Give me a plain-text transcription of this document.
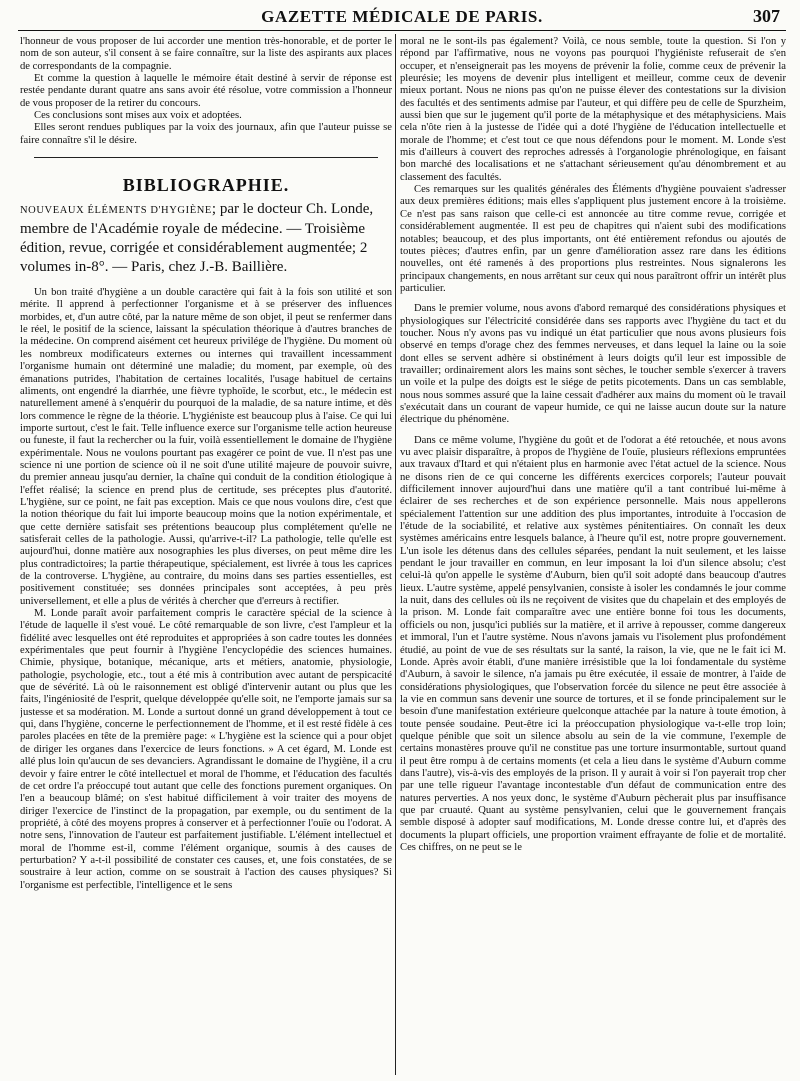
GAZETTE MÉDICALE DE PARIS.	307

l'honneur de vous proposer de lui accorder une mention très-honorable, et de porter le nom de son auteur, s'il consent à se faire connaître, sur la liste des aspirants aux places de correspondants de la compagnie.

Et comme la question à laquelle le mémoire était destiné à servir de réponse est restée pendante durant quatre ans sans avoir été résolue, votre commission a l'honneur de vous proposer de la retirer du concours.

Ces conclusions sont mises aux voix et adoptées.

Elles seront rendues publiques par la voix des journaux, afin que l'auteur puisse se faire connaître s'il le désire.

BIBLIOGRAPHIE.
NOUVEAUX ÉLÉMENTS D'HYGIÈNE; par le docteur Ch. Londe, membre de l'Académie royale de médecine. — Troisième édition, revue, corrigée et considérablement augmentée; 2 volumes in-8°. — Paris, chez J.-B. Baillière.

Un bon traité d'hygiène a un double caractère qui fait à la fois son utilité et son mérite. Il apprend à perfectionner l'organisme et à se préserver des influences morbides, et, d'un autre côté, par la nature même de son objet, il peut se renfermer dans le réel, le positif de la science, laissant la spéculation théorique à d'autres branches de la médecine. On comprend aisément cet heureux privilége de l'hygiène. Du moment où les nombreux modificateurs externes ou internes qui travaillent incessamment l'organisme humain ont déterminé une maladie; du moment, par exemple, où des émanations putrides, l'habitation de certaines localités, l'usage habituel de certains aliments, ont engendré la diarrhée, une fièvre typhoïde, le scorbut, etc., le médecin est naturellement amené à s'enquérir du pourquoi de la maladie, de sa nature intime, et dès lors commence le règne de la théorie. L'hygiéniste est beaucoup plus à l'aise. Ce qui lui importe surtout, c'est le fait. Telle influence exerce sur l'organisme telle action heureuse ou funeste, il faut la rechercher ou la fuir, voilà essentiellement le domaine de l'hygiène expérimentale. Nous ne voulons pourtant pas exagérer ce point de vue. Il n'est pas une science ni une portion de science où il ne soit d'une utilité majeure de pouvoir suivre, du premier anneau jusqu'au dernier, la chaîne qui conduit de la condition étiologique à l'effet réalisé; la science en prend plus de certitude, ses préceptes plus d'autorité. L'hygiène, sur ce point, ne fait pas exception. Mais ce que nous voulons dire, c'est que la notion théorique du fait lui importe beaucoup moins que la notion expérimentale, et que cette dernière satisfait ses prétentions beaucoup plus complétement qu'elle ne satisferait celles de la pathologie. Aussi, qu'arrive-t-il? La pathologie, telle qu'elle est aujourd'hui, donne matière aux nosographies les plus diverses, on peut même dire les plus contradictoires; la partie thérapeutique, spécialement, est livrée à tous les caprices de la controverse. L'hygiène, au contraire, du moins dans ses parties essentielles, est positivement constituée; ses données principales sont acceptées, à peu près universellement, et elle a plus de vérités à chercher que d'erreurs à rectifier.

M. Londe paraît avoir parfaitement compris le caractère spécial de la science à l'étude de laquelle il s'est voué. Le côté remarquable de son livre, c'est l'ampleur et la fidélité avec lesquelles ont été reproduites et appropriées à son cadre toutes les données expérimentales que peut fournir à l'hygiène l'encyclopédie des sciences humaines. Chimie, physique, botanique, mécanique, arts et métiers, anatomie, physiologie, pathologie, psychologie, etc., tout a été mis à contribution avec autant de perspicacité que de sévérité. Là où le raisonnement est obligé d'intervenir autant ou plus que les faits, l'ingéniosité de l'esprit, quelque développée qu'elle soit, ne l'emporte jamais sur sa justesse et sa modération. M. Londe a surtout donné un grand développement à tout ce qui, dans l'hygiène, concerne le perfectionnement de l'homme, et il est resté fidèle à ces paroles placées en tête de la première page: « L'hygiène est la science qui a pour objet de diriger les organes dans l'exercice de leurs fonctions. » A cet égard, M. Londe est allé plus loin qu'aucun de ses devanciers. Agrandissant le domaine de l'hygiène, il a cru devoir y faire entrer le côté intellectuel et moral de l'homme, et l'éducation des facultés de cet ordre l'a préoccupé tout autant que celle des fonctions purement organiques. On l'en a beaucoup blâmé; on s'est habitué difficilement à voir traiter des moyens de diriger l'exercice de l'instinct de la propagation, par exemple, ou du sentiment de la propriété, à côté des moyens propres à conserver et à perfectionner l'ouïe ou l'odorat. A notre sens, l'innovation de l'auteur est parfaitement justifiable. L'élément intellectuel et moral de l'homme est-il, comme l'élément organique, soumis à des causes de perturbation? Y a-t-il possibilité de constater ces causes, et, une fois constatées, de se soustraire à leur action, comme on se soustrait à l'action des causes physiques? Si l'organisme est perfectible, l'intelligence et le sens

moral ne le sont-ils pas également? Voilà, ce nous semble, toute la question. Si l'on y répond par l'affirmative, nous ne voyons pas pourquoi l'hygiéniste refuserait de s'en occuper, et n'enseignerait pas les moyens de prévenir la folie, comme ceux de prévenir la pleurésie; les moyens de devenir plus intelligent et meilleur, comme ceux de devenir mieux portant. Nous ne nions pas qu'on ne puisse élever des contestations sur la division des facultés et des sentiments admise par l'auteur, et qui diffère peu de celle de Spurzheim, aussi bien que sur le jugement qu'il porte de la métaphysique et des métaphysiciens. Mais cela n'ôte rien à la justesse de l'idée qui a doté l'hygiène de l'éducation intellectuelle et morale de l'homme; et c'est tout ce que nous défendons pour le moment. M. Londe s'est mis d'ailleurs à couvert des reproches adressés à l'organologie phrénologique, en faisant bon marché des localisations et ne s'attachant sérieusement qu'au dénombrement et au classement des facultés.

Ces remarques sur les qualités générales des Éléments d'hygiène pouvaient s'adresser aux deux premières éditions; mais elles s'appliquent plus justement encore à la troisième. Ce n'est pas sans raison que celle-ci est annoncée au titre comme revue, corrigée et considérablement augmentée. Il est peu de chapitres qui n'aient subi des modifications notables; beaucoup, et des plus importants, ont été entièrement refondus ou ajoutés de toutes pièces; d'autres enfin, par un genre d'amélioration assez rare dans les éditions nouvelles, ont été ramenés à des proportions plus restreintes. Nous signalerons les principaux changements, en nous arrêtant sur ceux qui nous paraîtront offrir un intérêt plus particulier.

Dans le premier volume, nous avons d'abord remarqué des considérations physiques et physiologiques sur l'électricité considérée dans ses rapports avec l'hygiène du tact et du toucher. Nous n'y avons pas vu indiqué un état particulier que nous avons plusieurs fois observé en temps d'orage chez des femmes nerveuses, et dans lequel la laine ou la soie dont elles se servent adhère si obstinément à leurs doigts qu'il leur est impossible de travailler; ordinairement alors les mains sont sèches, le toucher semble s'exercer à travers un voile et la pulpe des doigts est le siége de petits picotements. Dans un cas semblable, nous nous sommes assuré que la laine cessait d'adhérer aux mains du moment où le travail s'exécutait dans un courant de vapeur humide, ce qui ne laisse aucun doute sur la nature électrique du phénomène.

Dans ce même volume, l'hygiène du goût et de l'odorat a été retouchée, et nous avons vu avec plaisir disparaître, à propos de l'hygiène de l'ouïe, plusieurs réflexions empruntées aux travaux d'Itard et qui n'étaient plus en harmonie avec l'état actuel de la science. Nous ne disons rien de ce qui concerne les différents exercices corporels; l'auteur pouvait difficilement innover aujourd'hui dans une matière qu'il a tant contribué lui-même à éclairer de ses recherches et de son expérience personnelle. Mais nous appellerons spécialement l'attention sur une addition des plus importantes, introduite à l'occasion de l'étude de la sociabilité, et relative aux systèmes pénitentiaires. On connaît les deux systèmes américains entre lesquels balance, à l'heure qu'il est, notre propre gouvernement. L'un isole les détenus dans des cellules séparées, pendant la nuit seulement, et les laisse pendant le jour travailler en commun, en leur imposant la loi d'un silence absolu; c'est celui-là qu'on appelle le système d'Auburn, bien qu'il soit adopté dans beaucoup d'autres lieux. L'autre système, appelé pensylvanien, consiste à isoler les condamnés le jour comme la nuit, dans des cellules où ils ne reçoivent de visites que du chapelain et des employés de la prison. M. Londe fait comparaître avec une entière bonne foi tous les documents, officiels ou non, jusqu'ici publiés sur la matière, et il arrive à repousser, comme dangereux et immoral, l'un et l'autre système. Nous n'avons jamais vu l'isolement plus profondément étudié, au point de vue de ses résultats sur la santé, la raison, la vie, que ne le fait ici M. Londe. Après avoir établi, d'une manière irrésistible que la loi fondamentale du système d'Auburn, à savoir le silence, n'a jamais pu être exécutée, il essaie de montrer, à l'aide de considérations physiologiques, que l'observation forcée du silence ne peut être associée à la vie en commun sans devenir une source de tortures, et il se fonde principalement sur le besoin d'une manifestation extérieure quelconque attachée par la nature à toute émotion, à toute pensée soudaine. Peut-être ici la préoccupation physiologique va-t-elle trop loin; quelque pénible que soit un silence absolu au sein de la vie commune, l'exemple de certains monastères prouve qu'il ne constitue pas une torture insurmontable, surtout quand il peut être rompu à de certains moments (et cela a lieu dans le système d'Auburn comme dans l'autre), vis-à-vis des employés de la prison. Il y aurait à voir si l'on payerait trop cher par une telle rigueur l'avantage incontestable d'un défaut de communication entre des natures perverties. A nos yeux donc, le système d'Auburn pècherait plus par insuffisance que par cruauté. Quant au système pensylvanien, celui que le gouvernement français semble disposé à adopter sauf modifications, M. Londe dresse contre lui, et d'après des documents la plupart officiels, une proportion vraiment effrayante de folie et de mortalité. Ces chiffres, on ne peut se le
